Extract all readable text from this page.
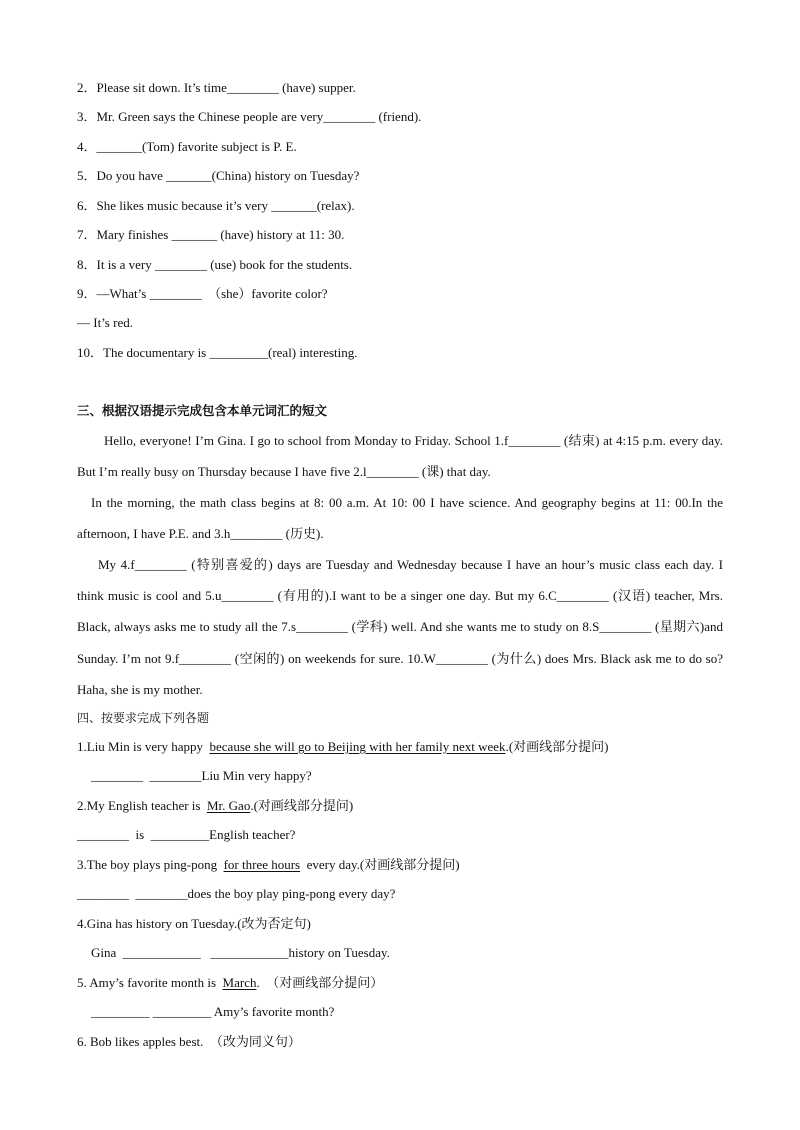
2．Please sit down. It’s time________ (have) supper.
3．Mr. Green says the Chinese people are very________ (friend).
4．_______(Tom) favorite subject is P. E.
5．Do you have _______(China) history on Tuesday?
6．She likes music because it’s very _______(relax).
7．Mary finishes _______ (have) history at 11: 30.
8．It is a very ________ (use) book for the students.
9．—What’s ________  （she）favorite color?
— It’s red.
10．The documentary is _________(real) interesting.
三、根据汉语提示完成包含本单元词汇的短文
Hello, everyone! I’m Gina. I go to school from Monday to Friday. School 1.f________ (结束) at 4:15 p.m. every day. But I’m really busy on Thursday because I have five 2.l________ (课) that day.
In the morning, the math class begins at 8: 00 a.m. At 10: 00 I have science. And geography begins at 11: 00.In the afternoon, I have P.E. and 3.h________ (历史).
My 4.f________ (特别喜爱的) days are Tuesday and Wednesday because I have an hour’s music class each day. I think music is cool and 5.u________ (有用的).I want to be a singer one day. But my 6.C________ (汉语) teacher, Mrs. Black, always asks me to study all the 7.s________ (学科) well. And she wants me to study on 8.S________ (星期六)and Sunday. I’m not 9.f________ (空闲的) on weekends for sure. 10.W________ (为什么) does Mrs. Black ask me to do so? Haha, she is my mother.
四、按要求完成下列各题
1.Liu Min is very happy  because she will go to Beijing with her family next week.(对画线部分提问)
________  ________Liu Min very happy?
2.My English teacher is  Mr. Gao.(对画线部分提问)
________  is  _________English teacher?
3.The boy plays ping-pong  for three hours  every day.(对画线部分提问)
________  ________does the boy play ping-pong every day?
4.Gina has history on Tuesday.(改为否定句)
Gina  ____________   ____________history on Tuesday.
5. Amy’s favorite month is  March.  （对画线部分提问）
_________ _________ Amy’s favorite month?
6. Bob likes apples best.  （改为同义句）
